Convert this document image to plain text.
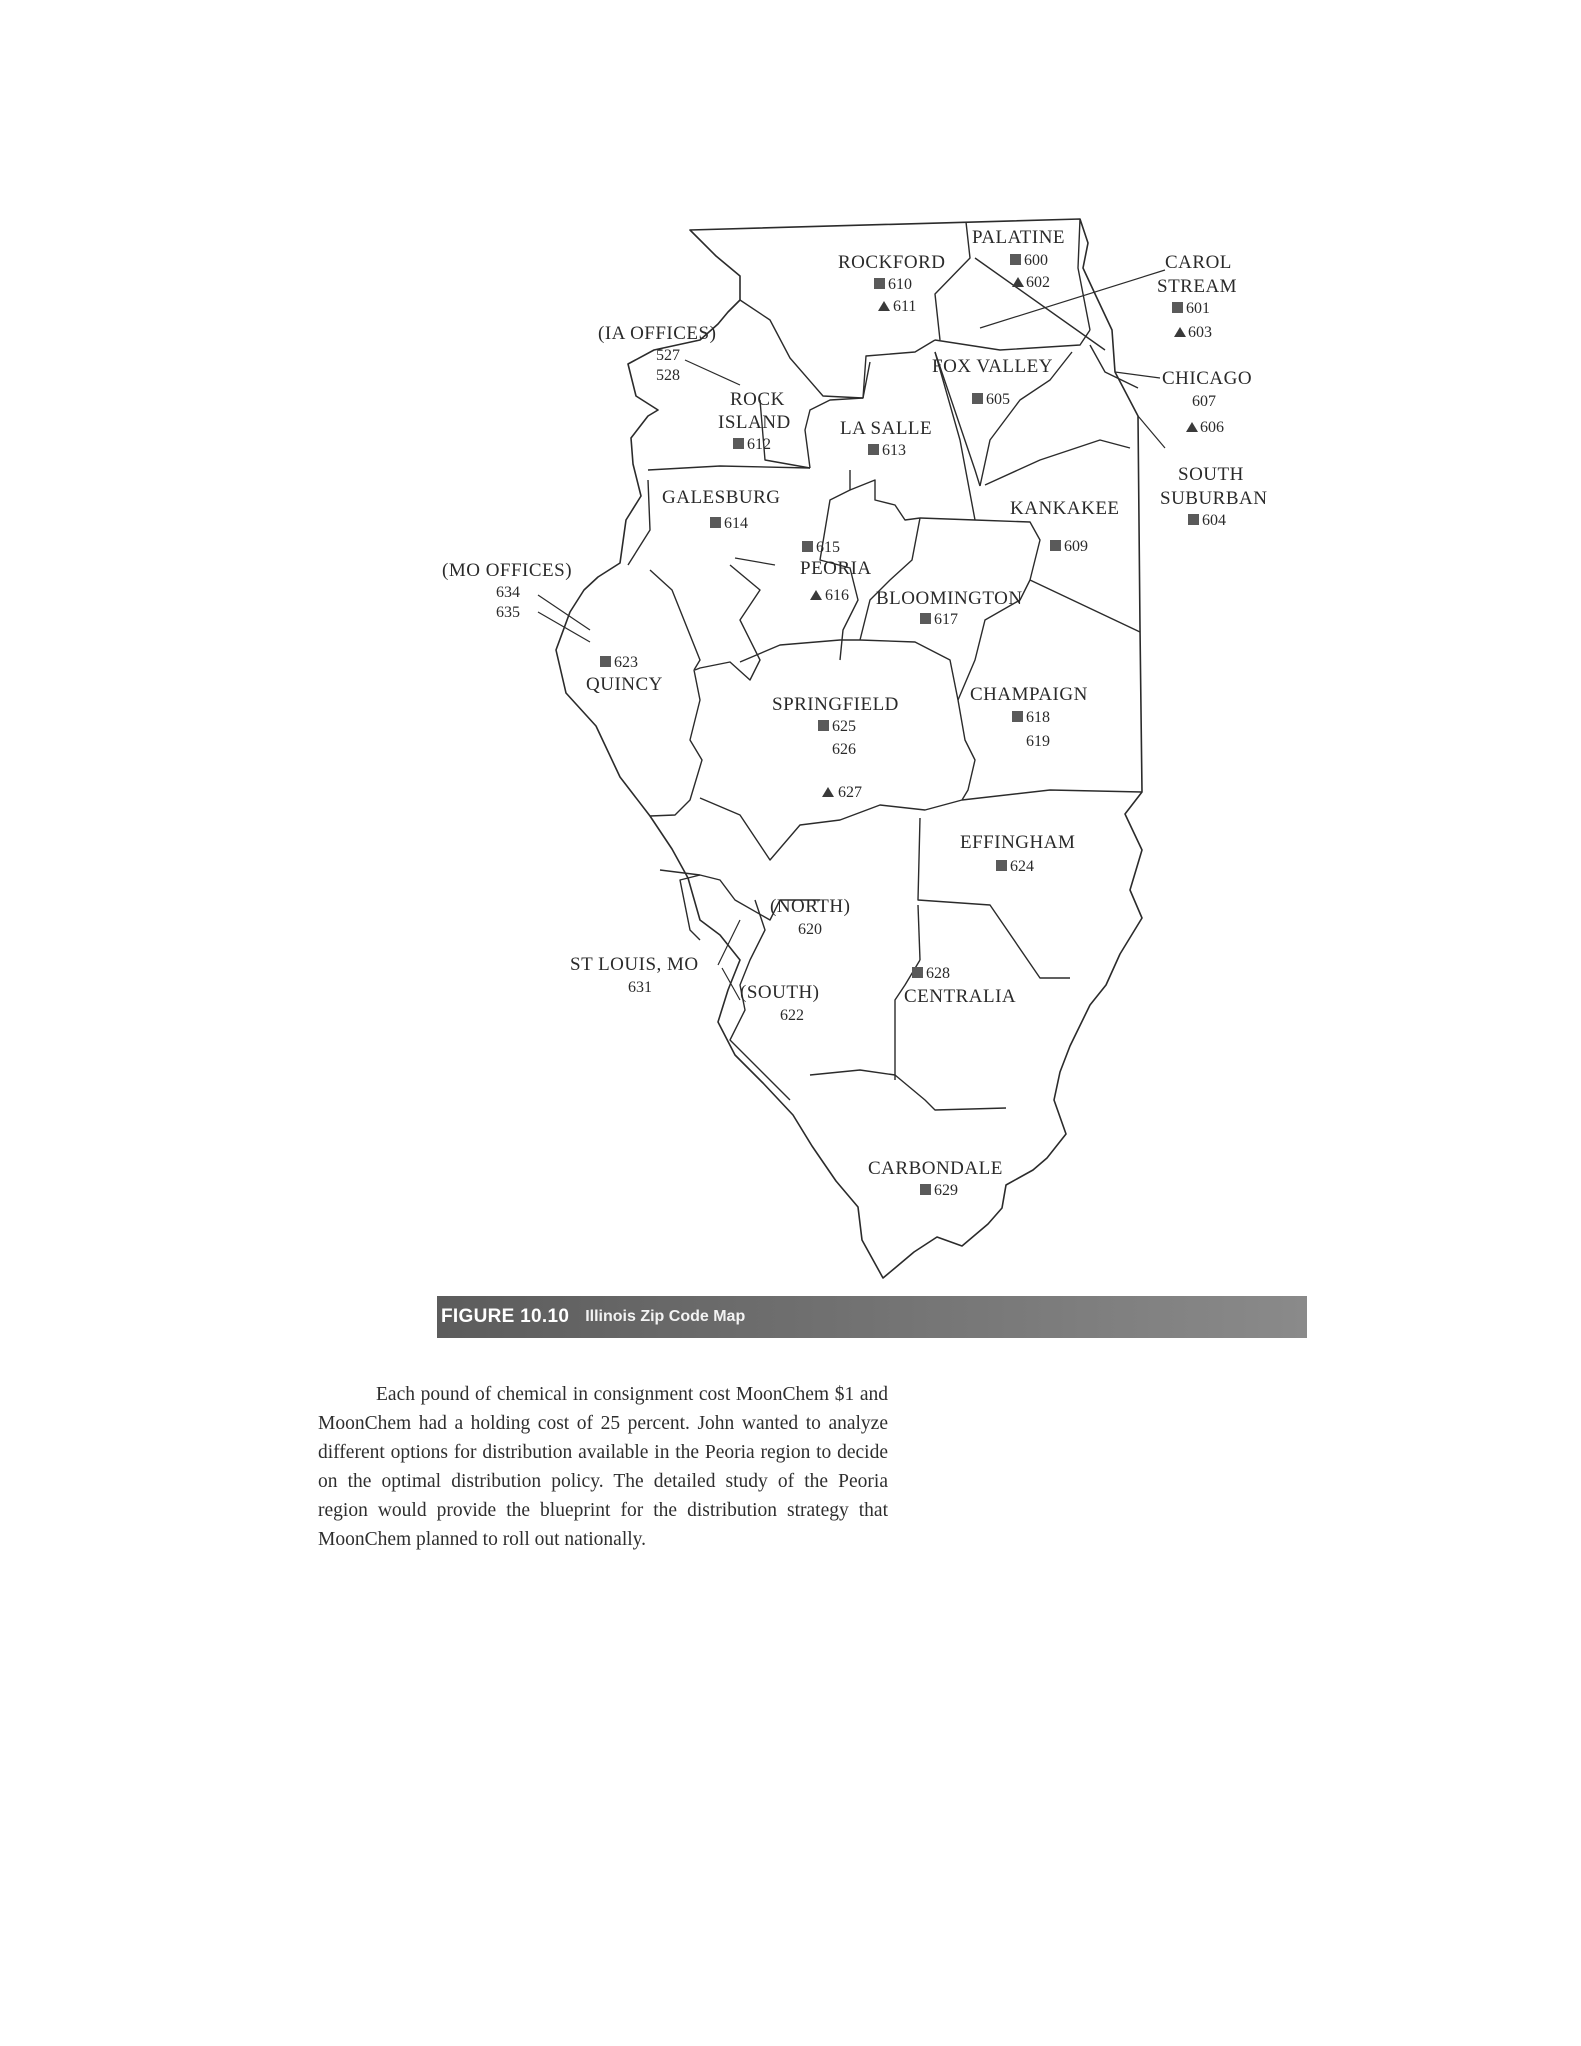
PALATINE
600
602
ROCKFORD
610
611
CAROL
STREAM
601
603
FOX VALLEY
605
CHICAGO
607
606
SOUTH
SUBURBAN
604
ROCK
ISLAND
612
LA SALLE
613
KANKAKEE
609
GALESBURG
614
615
PEORIA
616 BLOOMINGTON
617
623
QUINCY
SPRINGFIELD
625
626
627
CHAMPAIGN
618
619
EFFINGHAM
624
(NORTH)
620
(SOUTH)
622
628
CENTRALIA
CARBONDALE
629
(IA OFFICES)
527
528
(MO OFFICES)
634
635
ST LOUIS, MO
631
FIGURE 10.10 Illinois Zip Code Map
Each pound of chemical in consignment cost MoonChem $1 and MoonChem had a holding cost of 25 percent. John wanted to analyze different options for distribution available in the Peoria region to decide on the optimal distribution policy. The detailed study of the Peoria region would provide the blueprint for the distribution strategy that MoonChem planned to roll out nationally.
